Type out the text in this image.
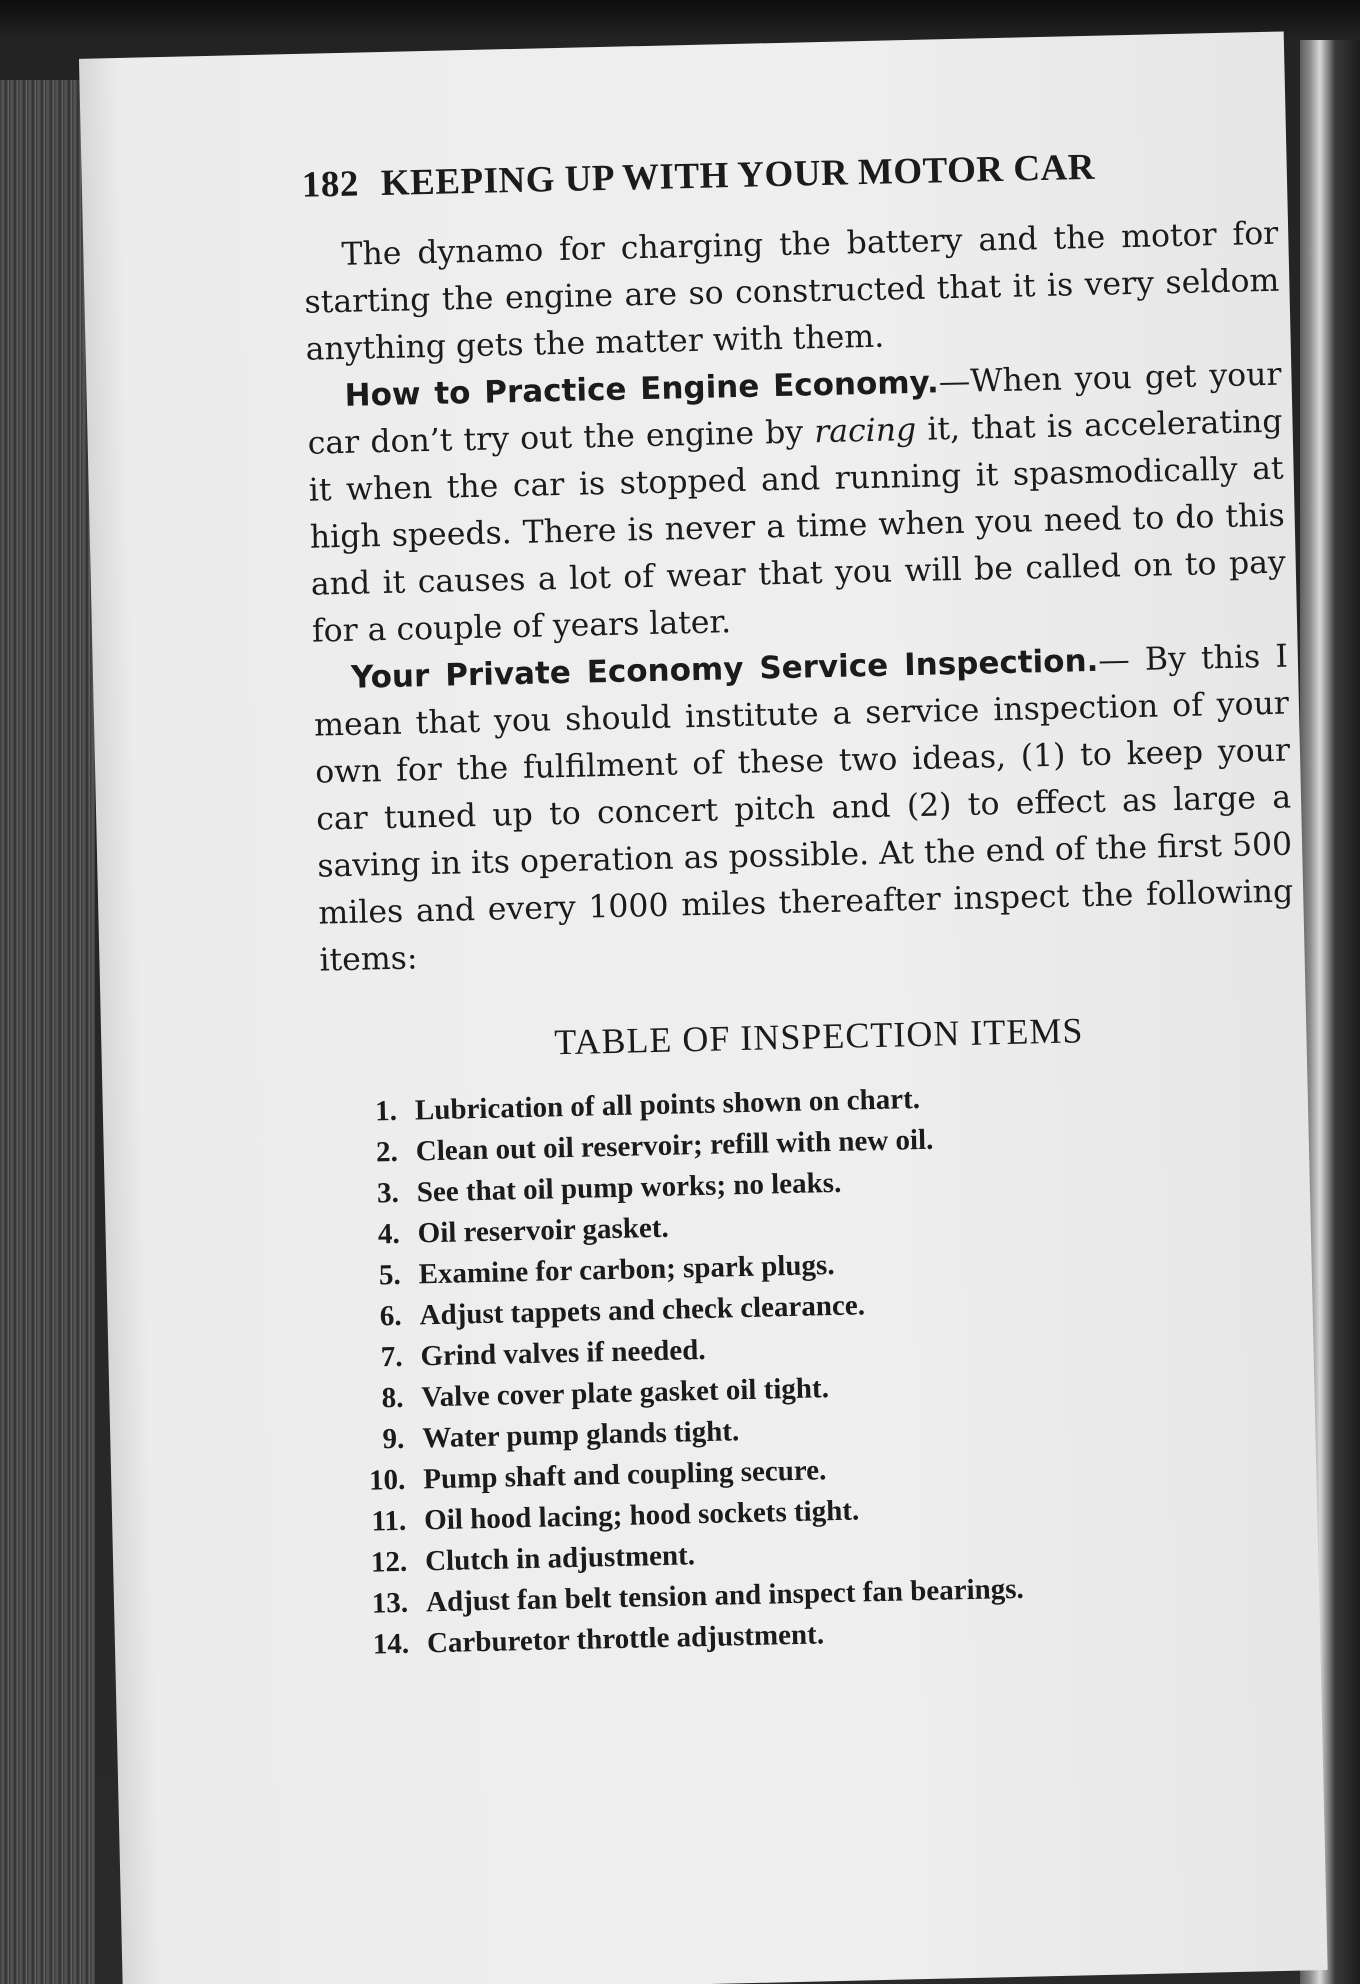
182 KEEPING UP WITH YOUR MOTOR CAR

The dynamo for charging the battery and the motor for starting the engine are so constructed that it is very seldom anything gets the matter with them.

How to Practice Engine Economy.—When you get your car don’t try out the engine by racing it, that is accelerating it when the car is stopped and running it spasmodically at high speeds. There is never a time when you need to do this and it causes a lot of wear that you will be called on to pay for a couple of years later.

Your Private Economy Service Inspection.— By this I mean that you should institute a service inspection of your own for the fulfilment of these two ideas, (1) to keep your car tuned up to concert pitch and (2) to effect as large a saving in its operation as possible. At the end of the first 500 miles and every 1000 miles thereafter inspect the following items:

TABLE OF INSPECTION ITEMS
1. Lubrication of all points shown on chart.
2. Clean out oil reservoir; refill with new oil.
3. See that oil pump works; no leaks.
4. Oil reservoir gasket.
5. Examine for carbon; spark plugs.
6. Adjust tappets and check clearance.
7. Grind valves if needed.
8. Valve cover plate gasket oil tight.
9. Water pump glands tight.
10. Pump shaft and coupling secure.
11. Oil hood lacing; hood sockets tight.
12. Clutch in adjustment.
13. Adjust fan belt tension and inspect fan bearings.
14. Carburetor throttle adjustment.
